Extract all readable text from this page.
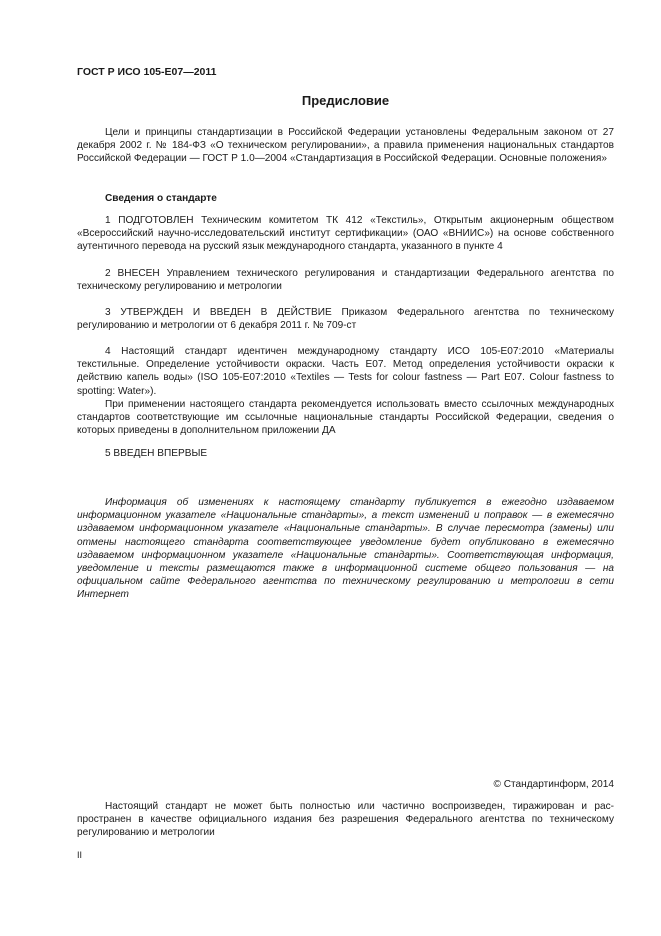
ГОСТ Р ИСО 105-Е07—2011
Предисловие

Цели и принципы стандартизации в Российской Федерации установлены Федеральным законом от 27 декабря 2002 г. № 184-ФЗ «О техническом регулировании», а правила применения национальных стандартов Российской Федерации — ГОСТ Р 1.0—2004 «Стандартизация в Российской Федерации. Основные положения»

Сведения о стандарте

1 ПОДГОТОВЛЕН Техническим комитетом ТК 412 «Текстиль», Открытым акционерным обществом «Всероссийский научно-исследовательский институт сертификации» (ОАО «ВНИИС») на основе собственного аутентичного перевода на русский язык международного стандарта, указанного в пункте 4

2 ВНЕСЕН Управлением технического регулирования и стандартизации Федерального агентства по техническому регулированию и метрологии

3 УТВЕРЖДЕН И ВВЕДЕН В ДЕЙСТВИЕ Приказом Федерального агентства по техническому регулированию и метрологии от 6 декабря 2011 г. № 709-ст

4 Настоящий стандарт идентичен международному стандарту ИСО 105-Е07:2010 «Материалы текстильные. Определение устойчивости окраски. Часть Е07. Метод определения устойчивости окраски к действию капель воды» (ISO 105-E07:2010 «Textiles — Tests for colour fastness — Part E07. Colour fastness to spotting: Water»).

При применении настоящего стандарта рекомендуется использовать вместо ссылочных международных стандартов соответствующие им ссылочные национальные стандарты Российской Федерации, сведения о которых приведены в дополнительном приложении ДА

5 ВВЕДЕН ВПЕРВЫЕ

Информация об изменениях к настоящему стандарту публикуется в ежегодно издаваемом информационном указателе «Национальные стандарты», а текст изменений и поправок — в ежемесячно издаваемом информационном указателе «Национальные стандарты». В случае пересмотра (замены) или отмены настоящего стандарта соответствующее уведомление будет опубликовано в ежемесячно издаваемом информационном указателе «Национальные стандарты». Соответствующая информация, уведомление и тексты размещаются также в информационной системе общего пользования — на официальном сайте Федерального агентства по техническому регулированию и метрологии в сети Интернет

© Стандартинформ, 2014

Настоящий стандарт не может быть полностью или частично воспроизведен, тиражирован и распространен в качестве официального издания без разрешения Федерального агентства по техническому регулированию и метрологии

II
